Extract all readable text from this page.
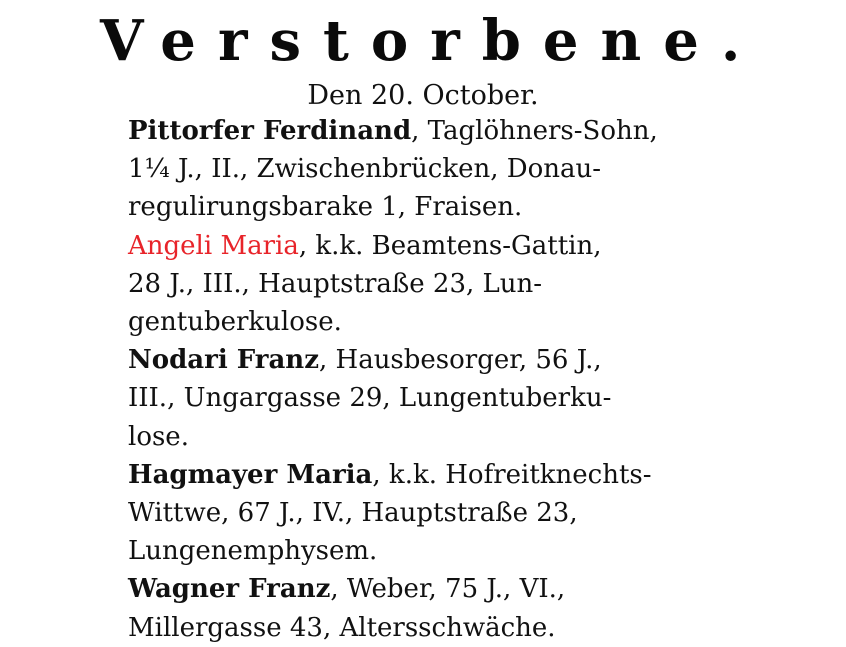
Verstorbene.
Den 20. October.
Pittorfer Ferdinand, Taglöhners-Sohn,
1¼ J., II., Zwischenbrücken, Donau-
regulirungsbarake 1, Fraisen.
Angeli Maria, k.k. Beamtens-Gattin,
28 J., III., Hauptstraße 23, Lun-
gentuberkulose.
Nodari Franz, Hausbesorger, 56 J.,
III., Ungargasse 29, Lungentuberku-
lose.
Hagmayer Maria, k.k. Hofreitknechts-
Wittwe, 67 J., IV., Hauptstraße 23,
Lungenemphysem.
Wagner Franz, Weber, 75 J., VI.,
Millergasse 43, Altersschwäche.
